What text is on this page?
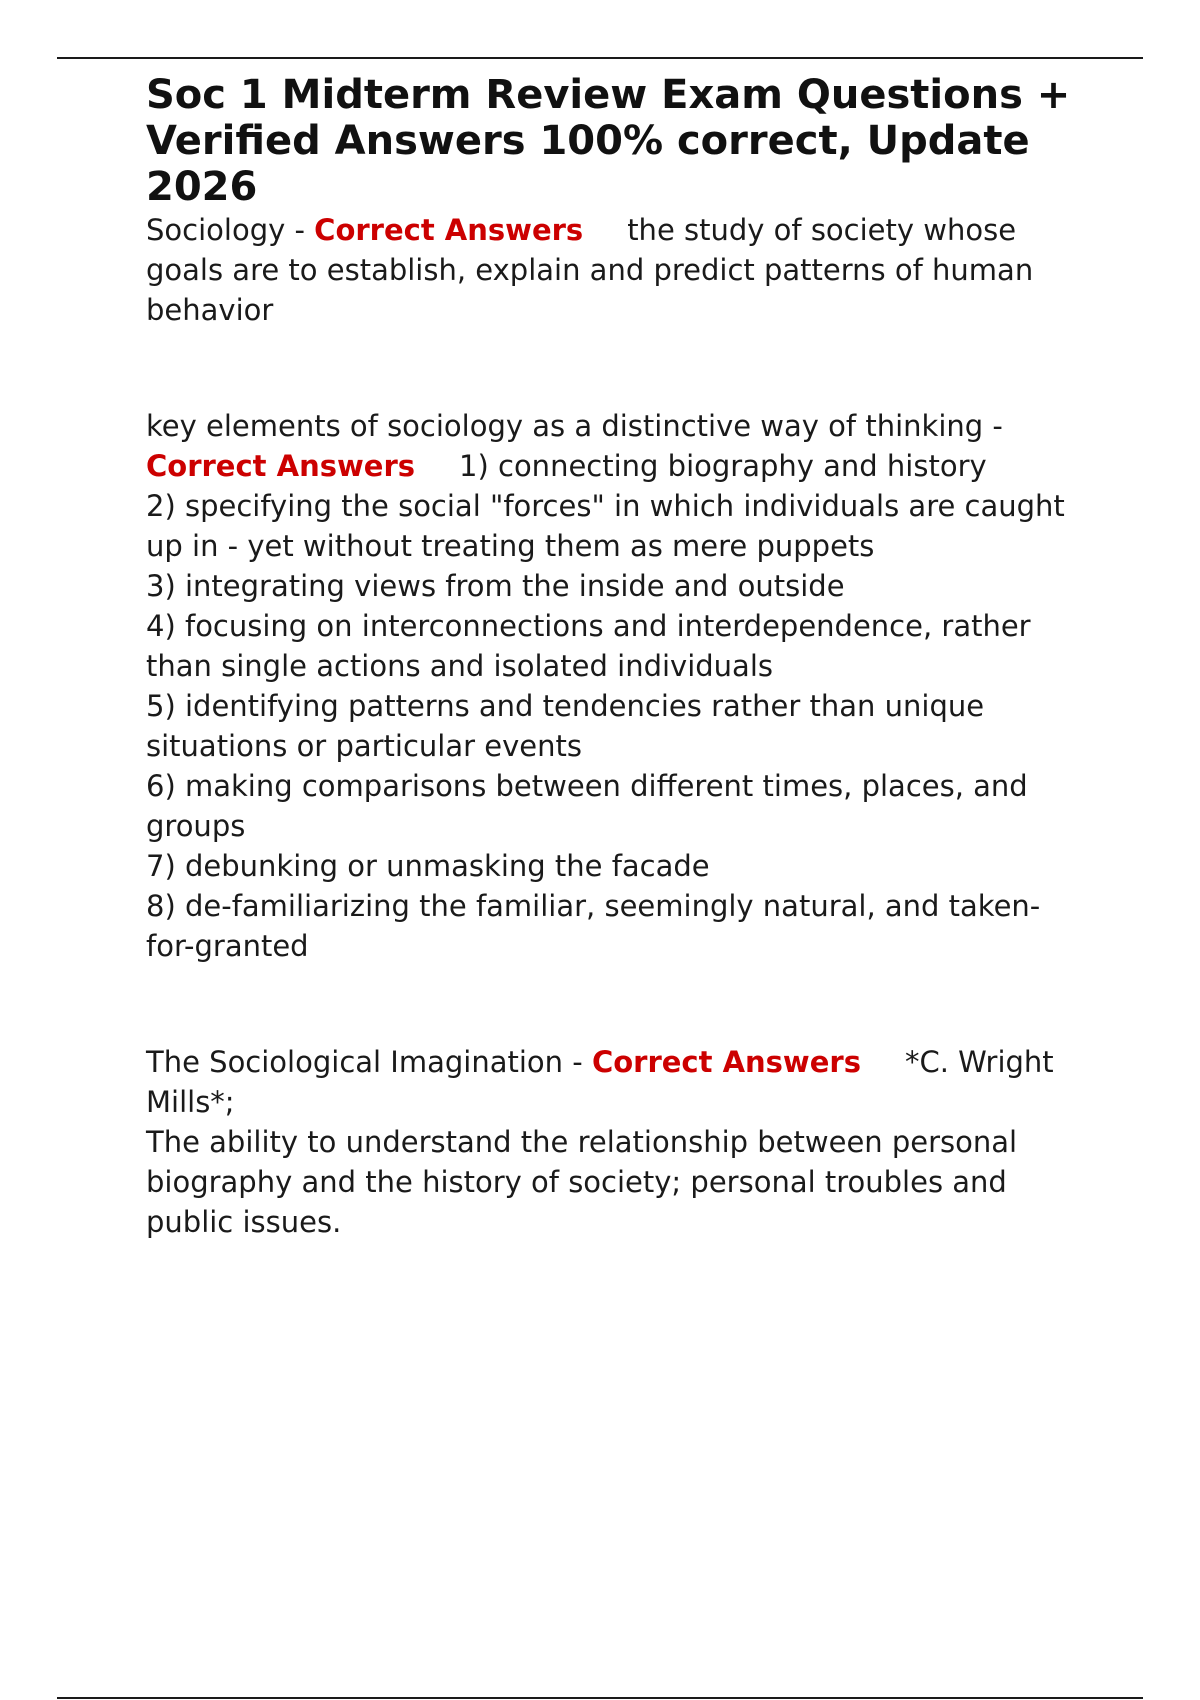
Soc 1 Midterm Review Exam Questions + Verified Answers 100% correct, Update 2026

Sociology - Correct Answers the study of society whose goals are to establish, explain and predict patterns of human behavior

key elements of sociology as a distinctive way of thinking - Correct Answers 1) connecting biography and history

2) specifying the social "forces" in which individuals are caught up in - yet without treating them as mere puppets

3) integrating views from the inside and outside

4) focusing on interconnections and interdependence, rather than single actions and isolated individuals

5) identifying patterns and tendencies rather than unique situations or particular events

6) making comparisons between different times, places, and groups

7) debunking or unmasking the facade

8) de-familiarizing the familiar, seemingly natural, and taken-for-granted

The Sociological Imagination - Correct Answers *C. Wright Mills*;

The ability to understand the relationship between personal biography and the history of society; personal troubles and public issues.
